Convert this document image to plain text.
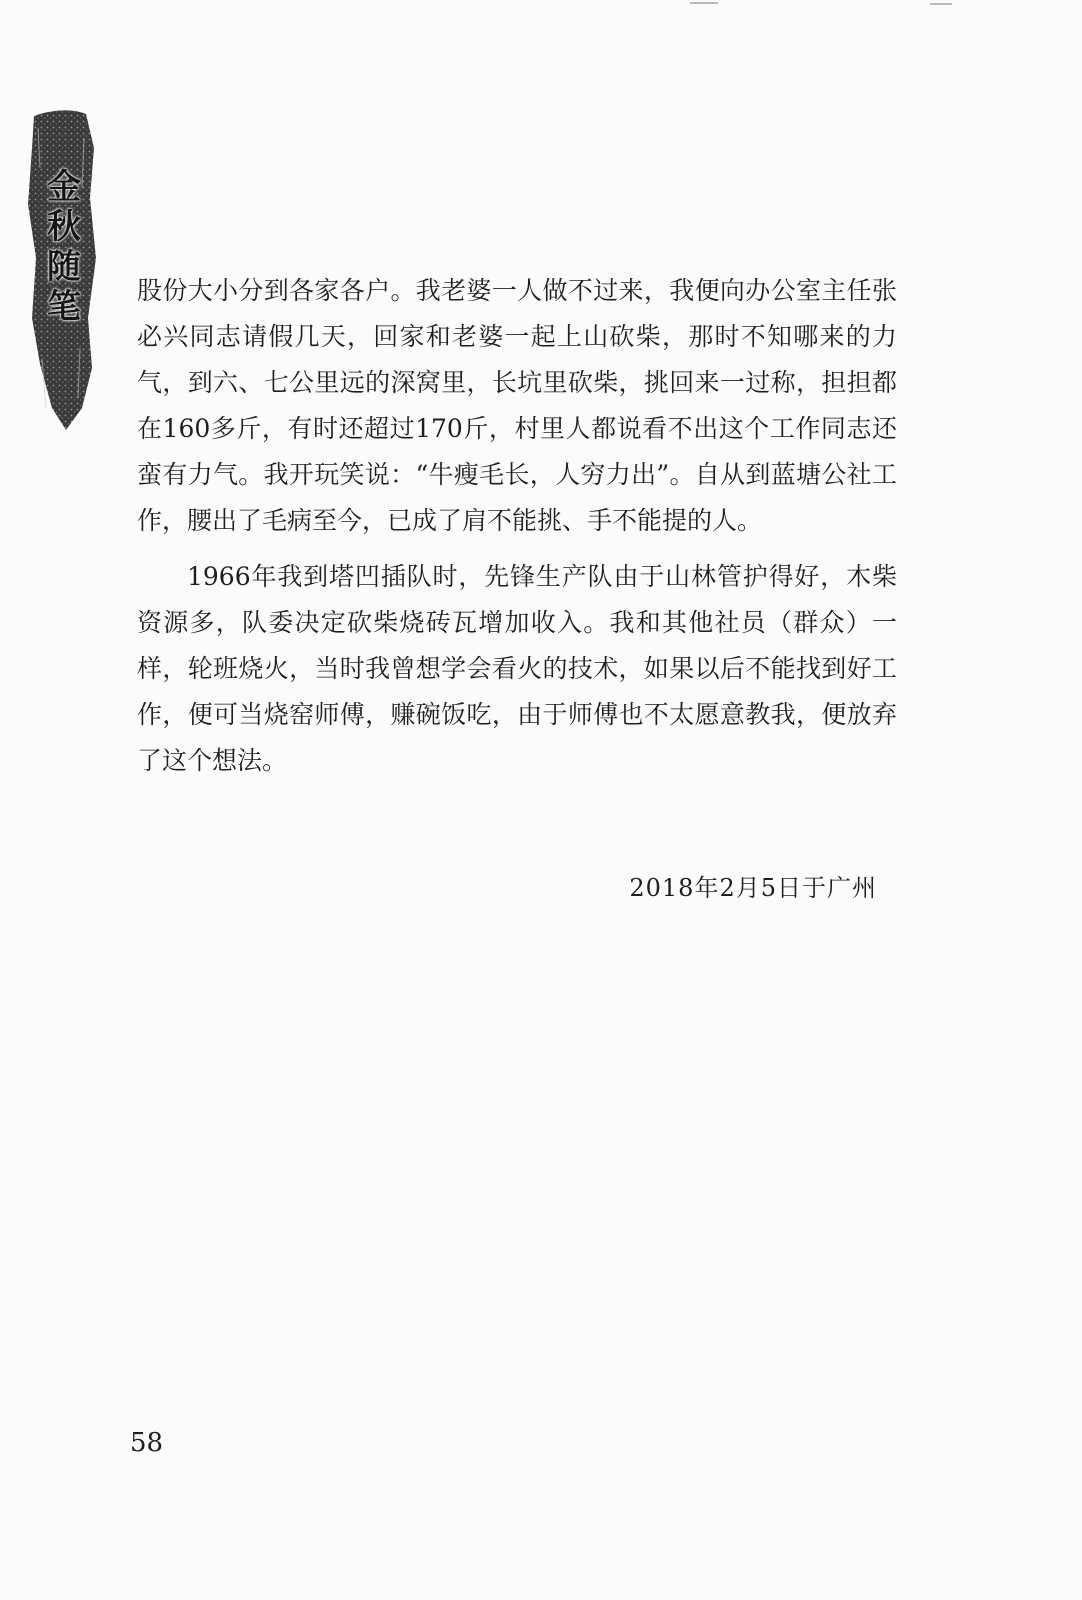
金秋随笔 股份大小分到各家各户。我老婆一人做不过来，我便向办公室主任张必兴同志请假几天，回家和老婆一起上山砍柴，那时不知哪来的力气，到六、七公里远的深窝里，长坑里砍柴，挑回来一过称，担担都在160多斤，有时还超过170斤，村里人都说看不出这个工作同志还蛮有力气。我开玩笑说：“牛瘦毛长，人穷力出”。自从到蓝塘公社工作，腰出了毛病至今，已成了肩不能挑、手不能提的人。

1966年我到塔凹插队时，先锋生产队由于山林管护得好，木柴资源多，队委决定砍柴烧砖瓦增加收入。我和其他社员（群众）一样，轮班烧火，当时我曾想学会看火的技术，如果以后不能找到好工作，便可当烧窑师傅，赚碗饭吃，由于师傅也不太愿意教我，便放弃了这个想法。

2018年2月5日于广州
58
